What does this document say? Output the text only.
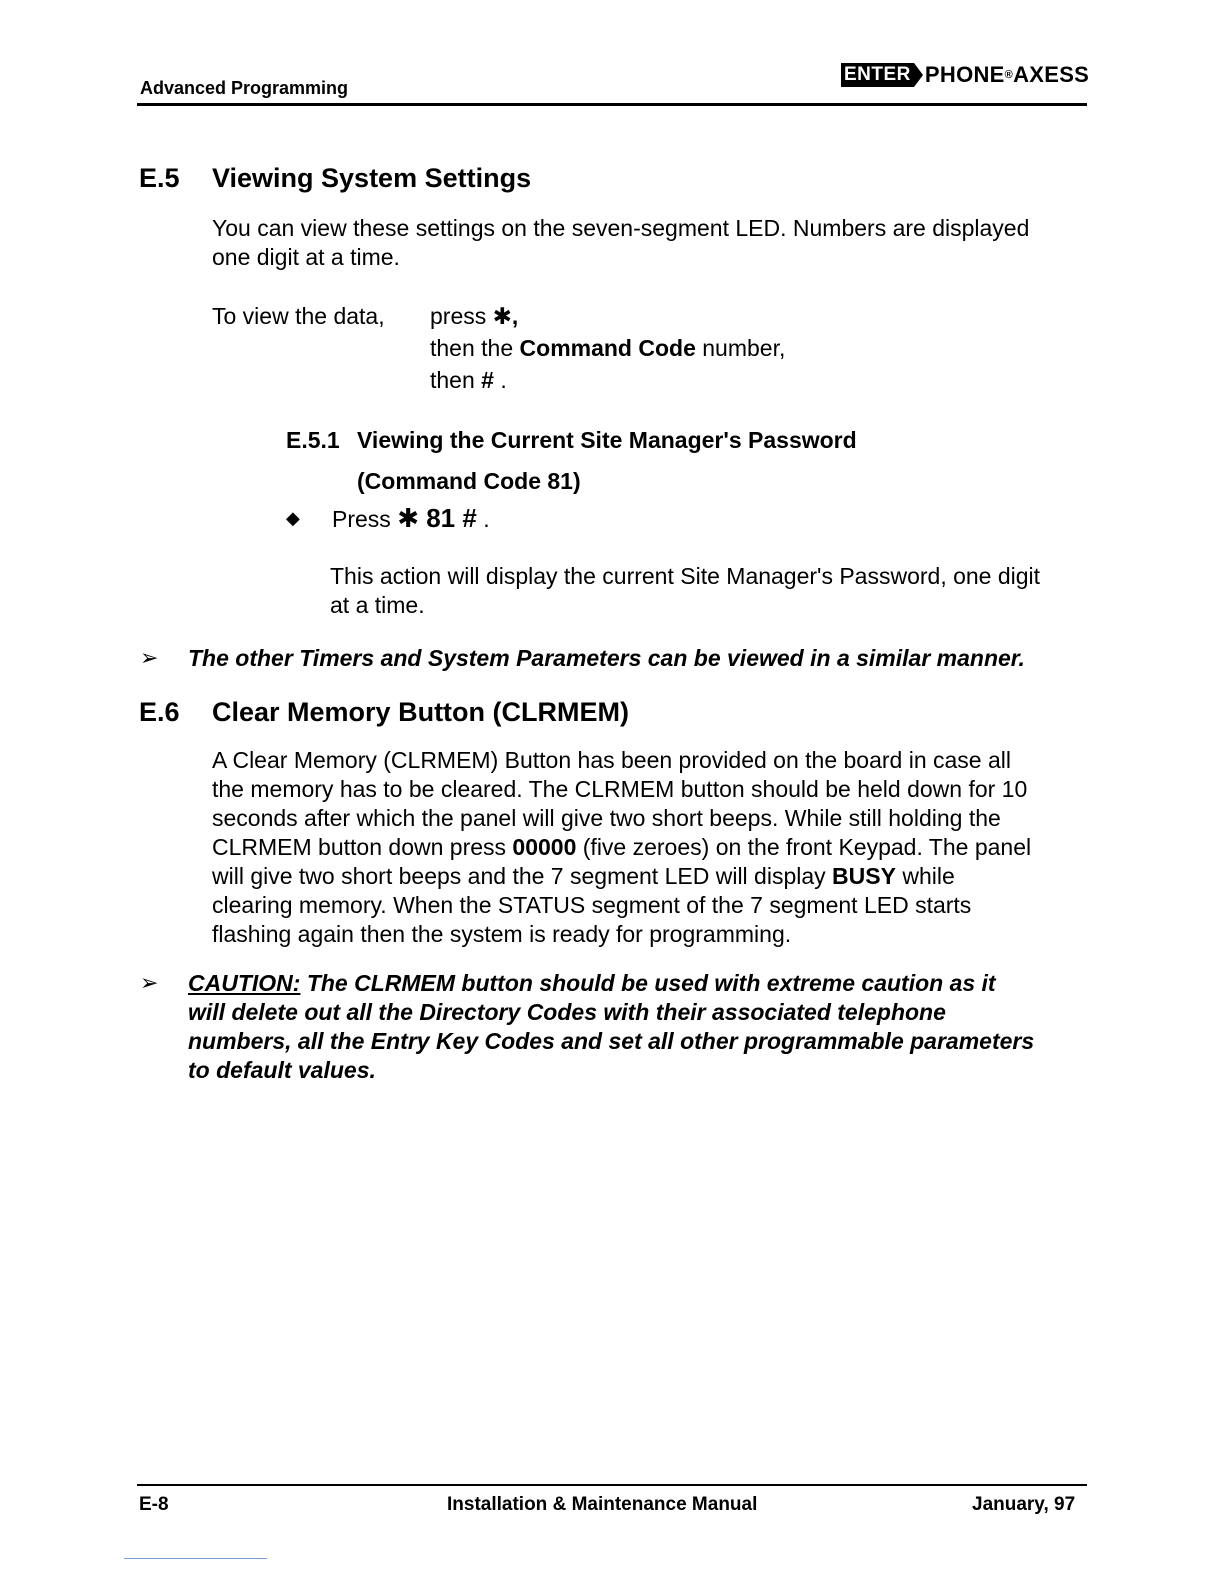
Advanced Programming
ENTER PHONE ® AXESS
E.5 Viewing System Settings
You can view these settings on the seven-segment LED. Numbers are displayed
one digit at a time.
To view the data, press ✱,
then the Command Code number,
then # .
E.5.1 Viewing the Current Site Manager's Password
(Command Code 81)
◆ Press ✱ 81 # .
This action will display the current Site Manager's Password, one digit
at a time.
➢ The other Timers and System Parameters can be viewed in a similar manner.
E.6 Clear Memory Button (CLRMEM)
A Clear Memory (CLRMEM) Button has been provided on the board in case all
the memory has to be cleared. The CLRMEM button should be held down for 10
seconds after which the panel will give two short beeps. While still holding the
CLRMEM button down press 00000 (five zeroes) on the front Keypad. The panel
will give two short beeps and the 7 segment LED will display BUSY while
clearing memory. When the STATUS segment of the 7 segment LED starts
flashing again then the system is ready for programming.
➢ CAUTION: The CLRMEM button should be used with extreme caution as it
will delete out all the Directory Codes with their associated telephone
numbers, all the Entry Key Codes and set all other programmable parameters
to default values.
E-8	Installation & Maintenance Manual	January, 97
